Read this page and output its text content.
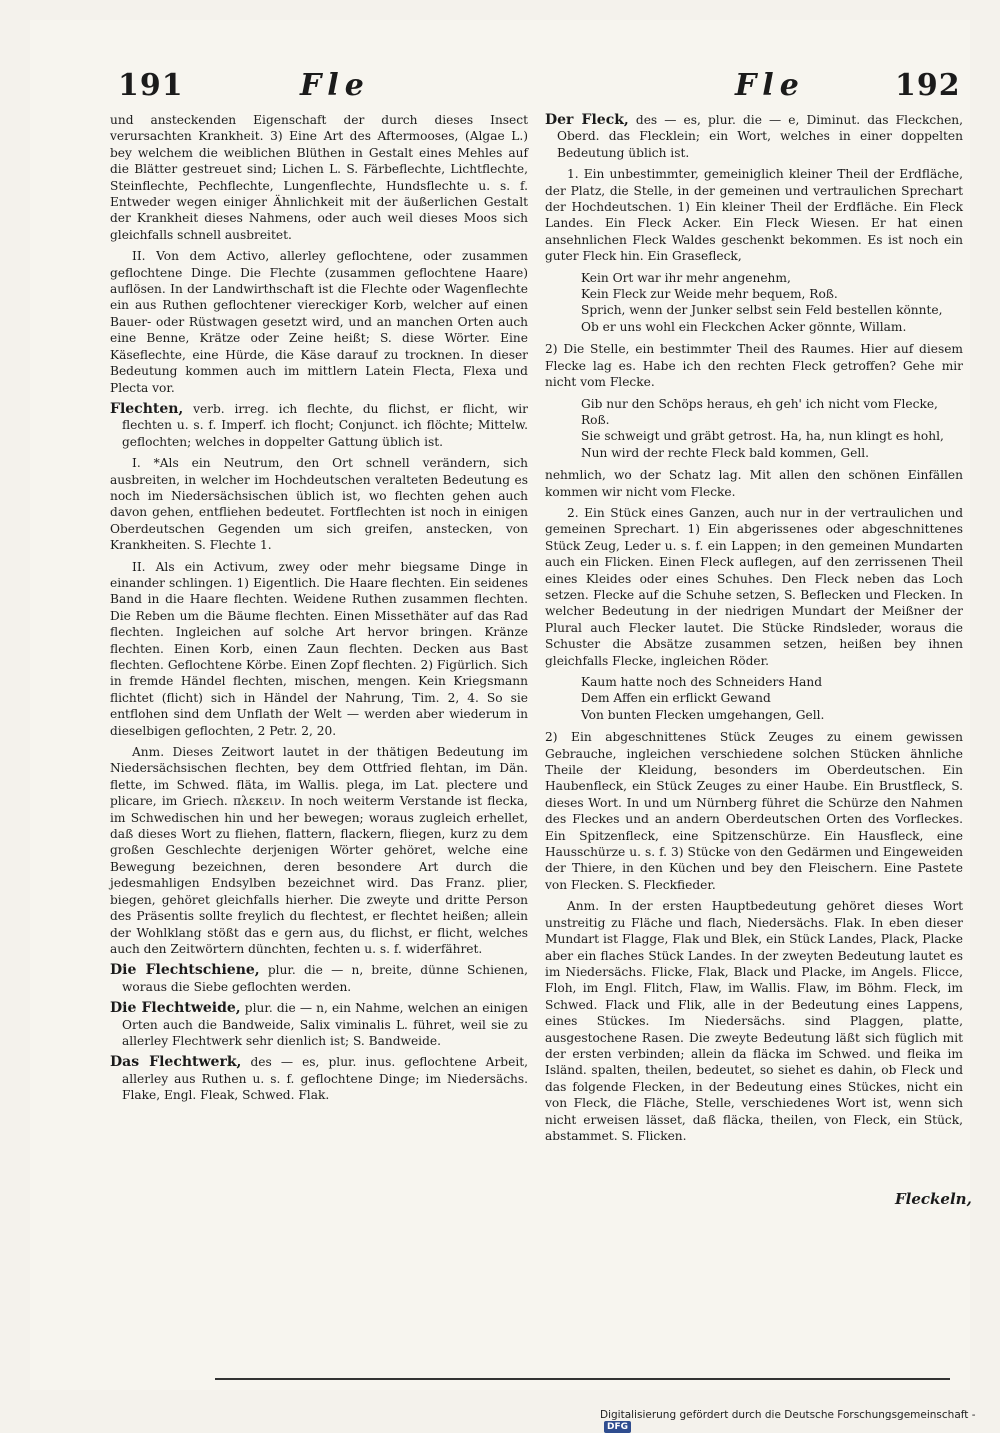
191	Fle	Fle	192

und ansteckenden Eigenschaft der durch dieses Insect verursachten Krankheit. 3) Eine Art des Aftermooses, (Algae L.) bey welchem die weiblichen Blüthen in Gestalt eines Mehles auf die Blätter gestreuet sind; Lichen L. S. Färbeflechte, Lichtflechte, Steinflechte, Pechflechte, Lungenflechte, Hundsflechte u. s. f. Entweder wegen einiger Ähnlichkeit mit der äußerlichen Gestalt der Krankheit dieses Nahmens, oder auch weil dieses Moos sich gleichfalls schnell ausbreitet.

II. Von dem Activo, allerley geflochtene, oder zusammen geflochtene Dinge. Die Flechte (zusammen geflochtene Haare) auflösen. In der Landwirthschaft ist die Flechte oder Wagenflechte ein aus Ruthen geflochtener viereckiger Korb, welcher auf einen Bauer- oder Rüstwagen gesetzt wird, und an manchen Orten auch eine Benne, Krätze oder Zeine heißt; S. diese Wörter. Eine Käseflechte, eine Hürde, die Käse darauf zu trocknen. In dieser Bedeutung kommen auch im mittlern Latein Flecta, Flexa und Plecta vor.

Flechten, verb. irreg. ich flechte, du flichst, er flicht, wir flechten u. s. f. Imperf. ich flocht; Conjunct. ich flöchte; Mittelw. geflochten; welches in doppelter Gattung üblich ist.

I. *Als ein Neutrum, den Ort schnell verändern, sich ausbreiten, in welcher im Hochdeutschen veralteten Bedeutung es noch im Niedersächsischen üblich ist, wo flechten gehen auch davon gehen, entfliehen bedeutet. Fortflechten ist noch in einigen Oberdeutschen Gegenden um sich greifen, anstecken, von Krankheiten. S. Flechte 1.

II. Als ein Activum, zwey oder mehr biegsame Dinge in einander schlingen. 1) Eigentlich. Die Haare flechten. Ein seidenes Band in die Haare flechten. Weidene Ruthen zusammen flechten. Die Reben um die Bäume flechten. Einen Missethäter auf das Rad flechten. Ingleichen auf solche Art hervor bringen. Kränze flechten. Einen Korb, einen Zaun flechten. Decken aus Bast flechten. Geflochtene Körbe. Einen Zopf flechten. 2) Figürlich. Sich in fremde Händel flechten, mischen, mengen. Kein Kriegsmann flichtet (flicht) sich in Händel der Nahrung, Tim. 2, 4. So sie entflohen sind dem Unflath der Welt — werden aber wiederum in dieselbigen geflochten, 2 Petr. 2, 20.

Anm. Dieses Zeitwort lautet in der thätigen Bedeutung im Niedersächsischen flechten, bey dem Ottfried flehtan, im Dän. flette, im Schwed. fläta, im Wallis. plega, im Lat. plectere und plicare, im Griech. πλεκειν. In noch weiterm Verstande ist flecka, im Schwedischen hin und her bewegen; woraus zugleich erhellet, daß dieses Wort zu fliehen, flattern, flackern, fliegen, kurz zu dem großen Geschlechte derjenigen Wörter gehöret, welche eine Bewegung bezeichnen, deren besondere Art durch die jedesmahligen Endsylben bezeichnet wird. Das Franz. plier, biegen, gehöret gleichfalls hierher. Die zweyte und dritte Person des Präsentis sollte freylich du flechtest, er flechtet heißen; allein der Wohlklang stößt das e gern aus, du flichst, er flicht, welches auch den Zeitwörtern dünchten, fechten u. s. f. widerfähret.

Die Flechtschiene, plur. die — n, breite, dünne Schienen, woraus die Siebe geflochten werden.

Die Flechtweide, plur. die — n, ein Nahme, welchen an einigen Orten auch die Bandweide, Salix viminalis L. führet, weil sie zu allerley Flechtwerk sehr dienlich ist; S. Bandweide.

Das Flechtwerk, des — es, plur. inus. geflochtene Arbeit, allerley aus Ruthen u. s. f. geflochtene Dinge; im Niedersächs. Flake, Engl. Fleak, Schwed. Flak.

Der Fleck, des — es, plur. die — e, Diminut. das Fleckchen, Oberd. das Flecklein; ein Wort, welches in einer doppelten Bedeutung üblich ist.

1. Ein unbestimmter, gemeiniglich kleiner Theil der Erdfläche, der Platz, die Stelle, in der gemeinen und vertraulichen Sprechart der Hochdeutschen. 1) Ein kleiner Theil der Erdfläche. Ein Fleck Landes. Ein Fleck Acker. Ein Fleck Wiesen. Er hat einen ansehnlichen Fleck Waldes geschenkt bekommen. Es ist noch ein guter Fleck hin. Ein Grasefleck,

Kein Ort war ihr mehr angenehm,
Kein Fleck zur Weide mehr bequem, Roß.
Sprich, wenn der Junker selbst sein Feld bestellen könnte,
Ob er uns wohl ein Fleckchen Acker gönnte, Willam.

2) Die Stelle, ein bestimmter Theil des Raumes. Hier auf diesem Flecke lag es. Habe ich den rechten Fleck getroffen? Gehe mir nicht vom Flecke.

Gib nur den Schöps heraus, eh geh' ich nicht vom Flecke, Roß.
Sie schweigt und gräbt getrost. Ha, ha, nun klingt es hohl,
Nun wird der rechte Fleck bald kommen, Gell.

nehmlich, wo der Schatz lag. Mit allen den schönen Einfällen kommen wir nicht vom Flecke.

2. Ein Stück eines Ganzen, auch nur in der vertraulichen und gemeinen Sprechart. 1) Ein abgerissenes oder abgeschnittenes Stück Zeug, Leder u. s. f. ein Lappen; in den gemeinen Mundarten auch ein Flicken. Einen Fleck auflegen, auf den zerrissenen Theil eines Kleides oder eines Schuhes. Den Fleck neben das Loch setzen. Flecke auf die Schuhe setzen, S. Beflecken und Flecken. In welcher Bedeutung in der niedrigen Mundart der Meißner der Plural auch Flecker lautet. Die Stücke Rindsleder, woraus die Schuster die Absätze zusammen setzen, heißen bey ihnen gleichfalls Flecke, ingleichen Röder.

Kaum hatte noch des Schneiders Hand
Dem Affen ein erflickt Gewand
Von bunten Flecken umgehangen, Gell.

2) Ein abgeschnittenes Stück Zeuges zu einem gewissen Gebrauche, ingleichen verschiedene solchen Stücken ähnliche Theile der Kleidung, besonders im Oberdeutschen. Ein Haubenfleck, ein Stück Zeuges zu einer Haube. Ein Brustfleck, S. dieses Wort. In und um Nürnberg führet die Schürze den Nahmen des Fleckes und an andern Oberdeutschen Orten des Vorfleckes. Ein Spitzenfleck, eine Spitzenschürze. Ein Hausfleck, eine Hausschürze u. s. f. 3) Stücke von den Gedärmen und Eingeweiden der Thiere, in den Küchen und bey den Fleischern. Eine Pastete von Flecken. S. Fleckfieder.

Anm. In der ersten Hauptbedeutung gehöret dieses Wort unstreitig zu Fläche und flach, Niedersächs. Flak. In eben dieser Mundart ist Flagge, Flak und Blek, ein Stück Landes, Plack, Placke aber ein flaches Stück Landes. In der zweyten Bedeutung lautet es im Niedersächs. Flicke, Flak, Black und Placke, im Angels. Flicce, Floh, im Engl. Flitch, Flaw, im Wallis. Flaw, im Böhm. Fleck, im Schwed. Flack und Flik, alle in der Bedeutung eines Lappens, eines Stückes. Im Niedersächs. sind Plaggen, platte, ausgestochene Rasen. Die zweyte Bedeutung läßt sich füglich mit der ersten verbinden; allein da fläcka im Schwed. und fleika im Isländ. spalten, theilen, bedeutet, so siehet es dahin, ob Fleck und das folgende Flecken, in der Bedeutung eines Stückes, nicht ein von Fleck, die Fläche, Stelle, verschiedenes Wort ist, wenn sich nicht erweisen lässet, daß fläcka, theilen, von Fleck, ein Stück, abstammet. S. Flicken.

Fleckeln,
Digitalisierung gefördert durch die Deutsche Forschungsgemeinschaft - DFG
